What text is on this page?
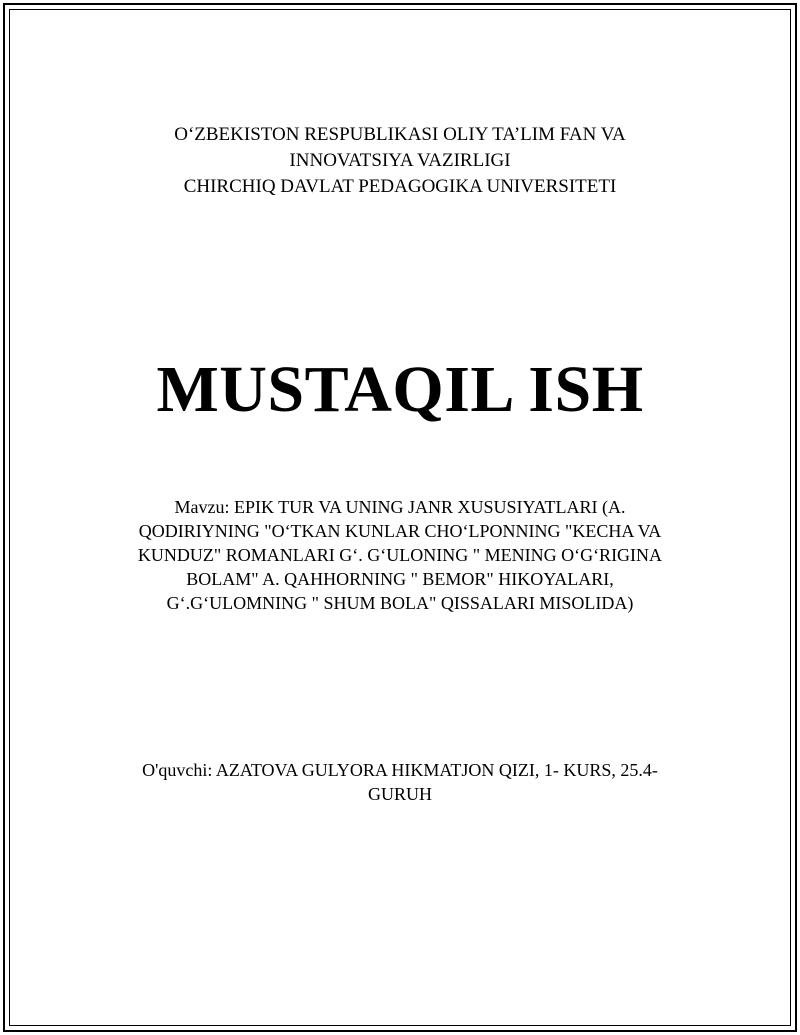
O‘ZBEKISTON RESPUBLIKASI OLIY TA’LIM FAN VA
INNOVATSIYA VAZIRLIGI
CHIRCHIQ DAVLAT PEDAGOGIKA UNIVERSITETI
MUSTAQIL ISH
Mavzu: EPIK TUR VA UNING JANR XUSUSIYATLARI (A.
QODIRIYNING "O‘TKAN KUNLAR CHO‘LPONNING "KECHA VA
KUNDUZ" ROMANLARI G‘. G‘ULONING " MENING O‘G‘RIGINA
BOLAM" A. QAHHORNING " BEMOR" HIKOYALARI,
G‘.G‘ULOMNING " SHUM BOLA" QISSALARI MISOLIDA)
O'quvchi: AZATOVA GULYORA HIKMATJON QIZI, 1- KURS, 25.4-
GURUH
